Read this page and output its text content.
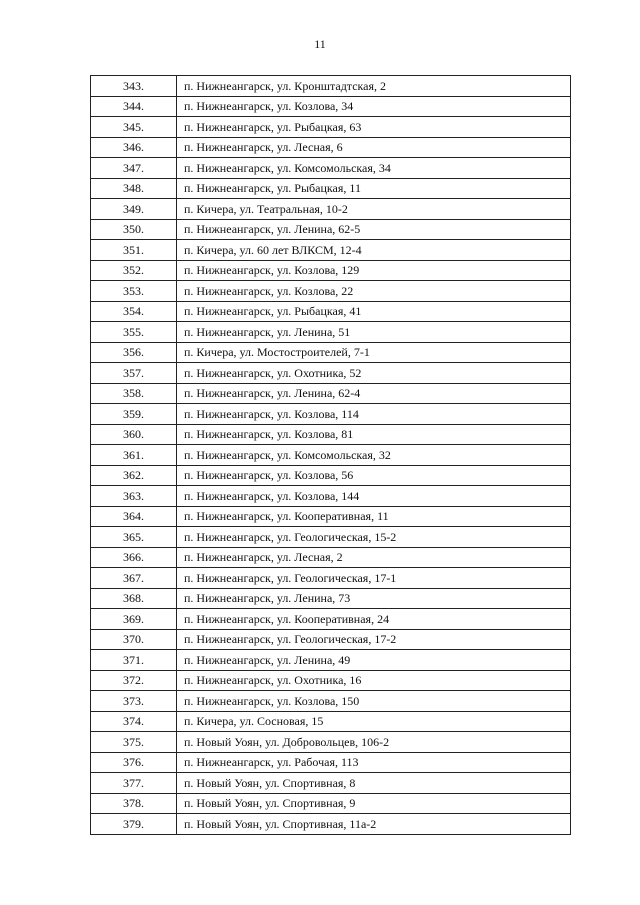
11
343.	п. Нижнеангарск, ул. Кронштадтская, 2
344.	п. Нижнеангарск, ул. Козлова, 34
345.	п. Нижнеангарск, ул. Рыбацкая, 63
346.	п. Нижнеангарск, ул. Лесная, 6
347.	п. Нижнеангарск, ул. Комсомольская, 34
348.	п. Нижнеангарск, ул. Рыбацкая, 11
349.	п. Кичера, ул. Театральная, 10-2
350.	п. Нижнеангарск, ул. Ленина, 62-5
351.	п. Кичера, ул. 60 лет ВЛКСМ, 12-4
352.	п. Нижнеангарск, ул. Козлова, 129
353.	п. Нижнеангарск, ул. Козлова, 22
354.	п. Нижнеангарск, ул. Рыбацкая, 41
355.	п. Нижнеангарск, ул. Ленина, 51
356.	п. Кичера, ул. Мостостроителей, 7-1
357.	п. Нижнеангарск, ул. Охотника, 52
358.	п. Нижнеангарск, ул. Ленина, 62-4
359.	п. Нижнеангарск, ул. Козлова, 114
360.	п. Нижнеангарск, ул. Козлова, 81
361.	п. Нижнеангарск, ул. Комсомольская, 32
362.	п. Нижнеангарск, ул. Козлова, 56
363.	п. Нижнеангарск, ул. Козлова, 144
364.	п. Нижнеангарск, ул. Кооперативная, 11
365.	п. Нижнеангарск, ул. Геологическая, 15-2
366.	п. Нижнеангарск, ул. Лесная, 2
367.	п. Нижнеангарск, ул. Геологическая, 17-1
368.	п. Нижнеангарск, ул. Ленина, 73
369.	п. Нижнеангарск, ул. Кооперативная, 24
370.	п. Нижнеангарск, ул. Геологическая, 17-2
371.	п. Нижнеангарск, ул. Ленина, 49
372.	п. Нижнеангарск, ул. Охотника, 16
373.	п. Нижнеангарск, ул. Козлова, 150
374.	п. Кичера, ул. Сосновая, 15
375.	п. Новый Уоян, ул. Добровольцев, 106-2
376.	п. Нижнеангарск, ул. Рабочая, 113
377.	п. Новый Уоян, ул. Спортивная, 8
378.	п. Новый Уоян, ул. Спортивная, 9
379.	п. Новый Уоян, ул. Спортивная, 11а-2
